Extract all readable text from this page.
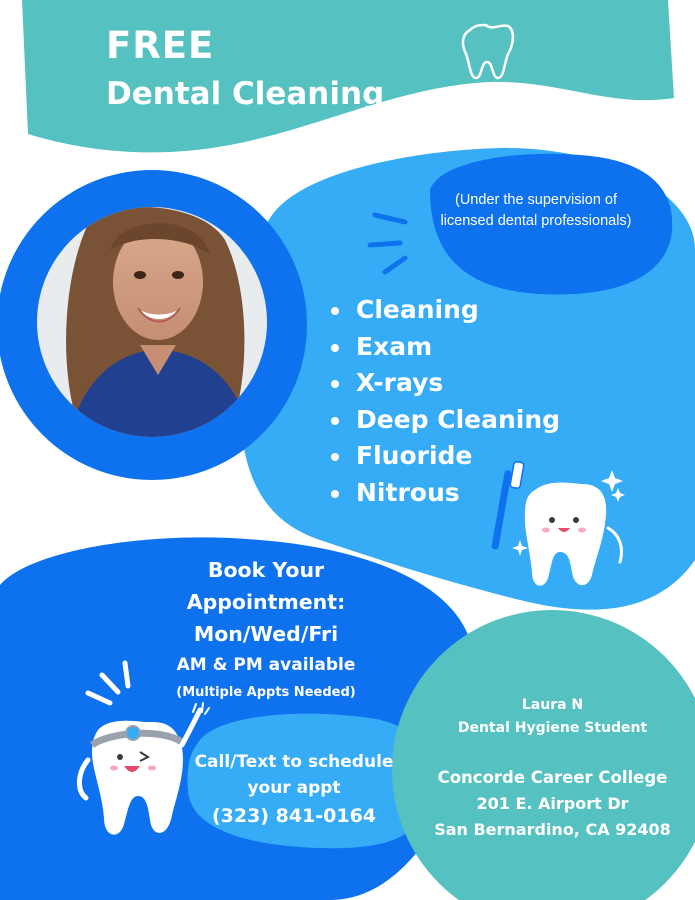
FREE
Dental Cleaning
(Under the supervision of licensed dental professionals)
Cleaning
Exam
X-rays
Deep Cleaning
Fluoride
Nitrous
Book Your
Appointment:
Mon/Wed/Fri
AM & PM available
(Multiple Appts Needed)
Call/Text to schedule
your appt
(323) 841-0164
Laura N
Dental Hygiene Student
Concorde Career College
201 E. Airport Dr
San Bernardino, CA 92408
